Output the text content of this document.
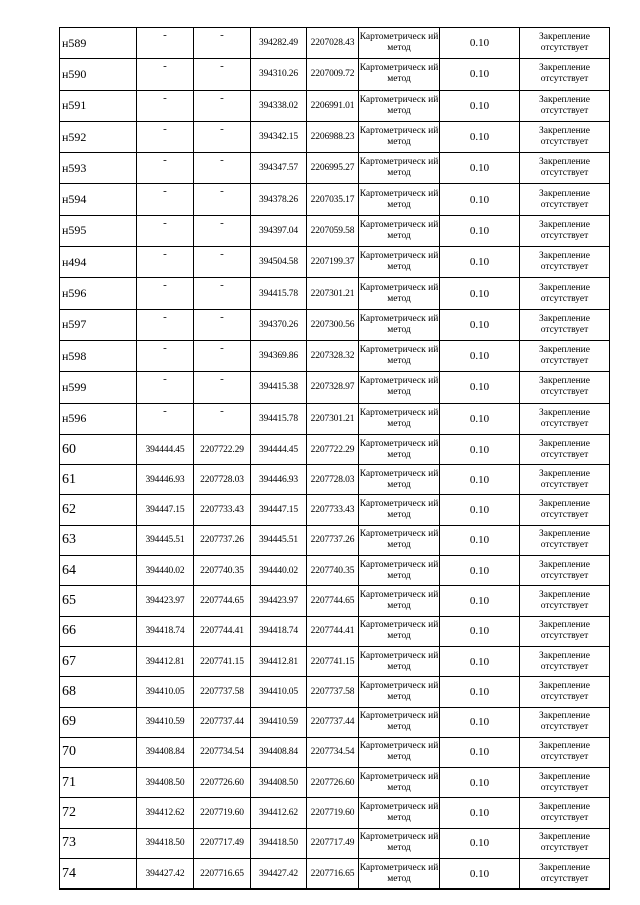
н589	-	-	394282.49	2207028.43	Картометрическ ий метод	0.10	Закрепление отсутствует
н590	-	-	394310.26	2207009.72	Картометрическ ий метод	0.10	Закрепление отсутствует
н591	-	-	394338.02	2206991.01	Картометрическ ий метод	0.10	Закрепление отсутствует
н592	-	-	394342.15	2206988.23	Картометрическ ий метод	0.10	Закрепление отсутствует
н593	-	-	394347.57	2206995.27	Картометрическ ий метод	0.10	Закрепление отсутствует
н594	-	-	394378.26	2207035.17	Картометрическ ий метод	0.10	Закрепление отсутствует
н595	-	-	394397.04	2207059.58	Картометрическ ий метод	0.10	Закрепление отсутствует
н494	-	-	394504.58	2207199.37	Картометрическ ий метод	0.10	Закрепление отсутствует
н596	-	-	394415.78	2207301.21	Картометрическ ий метод	0.10	Закрепление отсутствует
н597	-	-	394370.26	2207300.56	Картометрическ ий метод	0.10	Закрепление отсутствует
н598	-	-	394369.86	2207328.32	Картометрическ ий метод	0.10	Закрепление отсутствует
н599	-	-	394415.38	2207328.97	Картометрическ ий метод	0.10	Закрепление отсутствует
н596	-	-	394415.78	2207301.21	Картометрическ ий метод	0.10	Закрепление отсутствует
60	394444.45	2207722.29	394444.45	2207722.29	Картометрическ ий метод	0.10	Закрепление отсутствует
61	394446.93	2207728.03	394446.93	2207728.03	Картометрическ ий метод	0.10	Закрепление отсутствует
62	394447.15	2207733.43	394447.15	2207733.43	Картометрическ ий метод	0.10	Закрепление отсутствует
63	394445.51	2207737.26	394445.51	2207737.26	Картометрическ ий метод	0.10	Закрепление отсутствует
64	394440.02	2207740.35	394440.02	2207740.35	Картометрическ ий метод	0.10	Закрепление отсутствует
65	394423.97	2207744.65	394423.97	2207744.65	Картометрическ ий метод	0.10	Закрепление отсутствует
66	394418.74	2207744.41	394418.74	2207744.41	Картометрическ ий метод	0.10	Закрепление отсутствует
67	394412.81	2207741.15	394412.81	2207741.15	Картометрическ ий метод	0.10	Закрепление отсутствует
68	394410.05	2207737.58	394410.05	2207737.58	Картометрическ ий метод	0.10	Закрепление отсутствует
69	394410.59	2207737.44	394410.59	2207737.44	Картометрическ ий метод	0.10	Закрепление отсутствует
70	394408.84	2207734.54	394408.84	2207734.54	Картометрическ ий метод	0.10	Закрепление отсутствует
71	394408.50	2207726.60	394408.50	2207726.60	Картометрическ ий метод	0.10	Закрепление отсутствует
72	394412.62	2207719.60	394412.62	2207719.60	Картометрическ ий метод	0.10	Закрепление отсутствует
73	394418.50	2207717.49	394418.50	2207717.49	Картометрическ ий метод	0.10	Закрепление отсутствует
74	394427.42	2207716.65	394427.42	2207716.65	Картометрическ ий метод	0.10	Закрепление отсутствует
